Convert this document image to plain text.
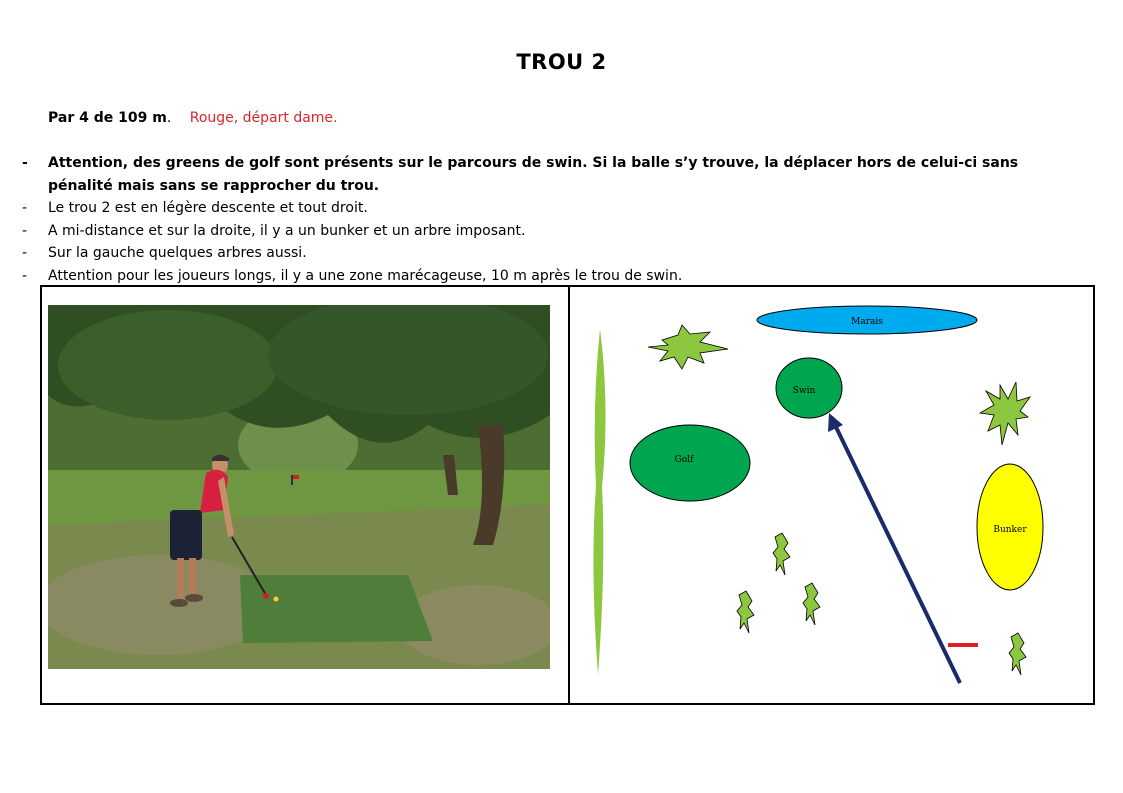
TROU 2
Par 4 de 109 m. Rouge, départ dame.
- Attention, des greens de golf sont présents sur le parcours de swin. Si la balle s’y trouve, la déplacer hors de celui-ci sans pénalité mais sans se rapprocher du trou.
- Le trou 2 est en légère descente et tout droit.
- A mi-distance et sur la droite, il y a un bunker et un arbre imposant.
- Sur la gauche quelques arbres aussi.
- Attention pour les joueurs longs, il y a une zone marécageuse, 10 m après le trou de swin.
Marais
Swin
Golf
Bunker
